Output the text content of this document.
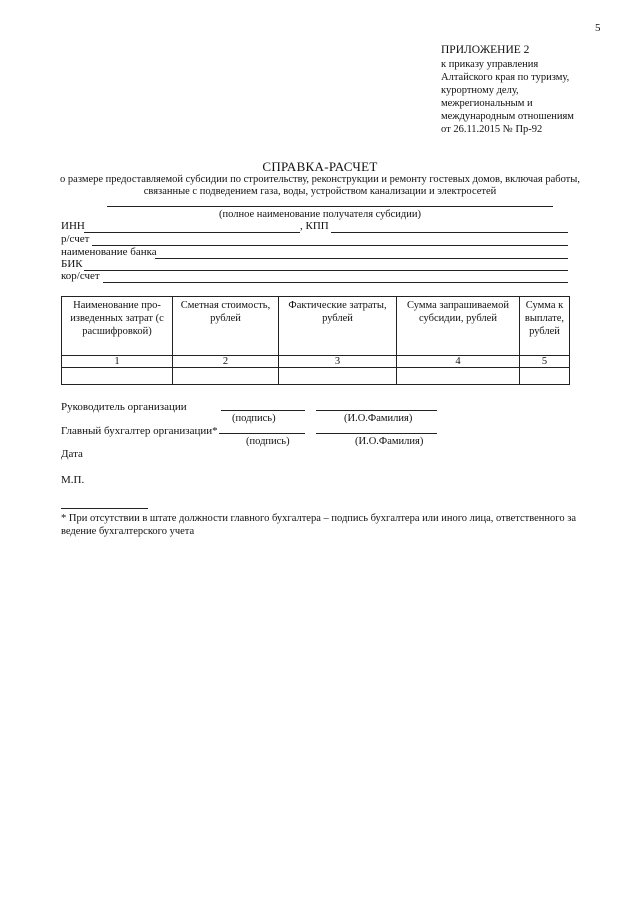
5
ПРИЛОЖЕНИЕ 2
к приказу управления
Алтайского края по туризму,
курортному делу,
межрегиональным и
международным отношениям
от 26.11.2015 № Пр-92
СПРАВКА-РАСЧЕТ
о размере предоставляемой субсидии по строительству, реконструкции и ремонту гостевых домов, включая работы,
связанные с подведением газа, воды, устройством канализации и электросетей
(полное наименование получателя субсидии)
ИНН	, КПП
р/счет
наименование банка
БИК
кор/счет
Наименование про-изведенных затрат (с расшифровкой)	Сметная стоимость, рублей	Фактические затраты, рублей	Сумма запрашиваемой субсидии, рублей	Сумма к выплате, рублей
1	2	3	4	5

Руководитель организации
(подпись)	(И.О.Фамилия)
Главный бухгалтер организации*
(подпись)	(И.О.Фамилия)
Дата
М.П.
* При отсутствии в штате должности главного бухгалтера – подпись бухгалтера или иного лица, ответственного за
ведение бухгалтерского учета
